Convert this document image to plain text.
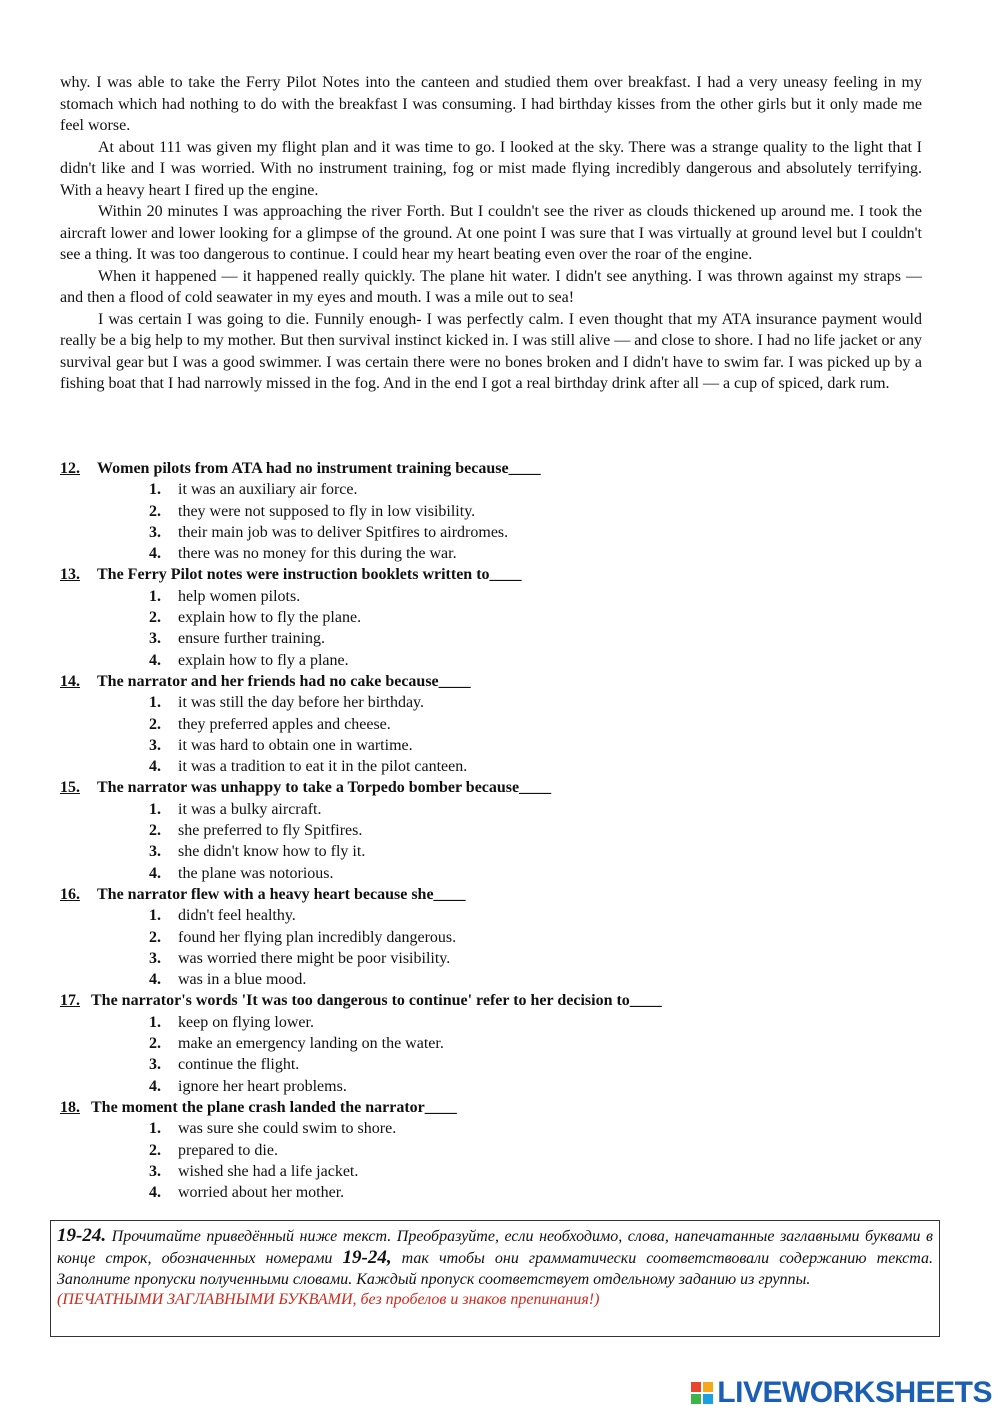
why. I was able to take the Ferry Pilot Notes into the canteen and studied them over breakfast. I had a very uneasy feeling in my stomach which had nothing to do with the breakfast I was consuming. I had birthday kisses from the other girls but it only made me feel worse.

At about 111 was given my flight plan and it was time to go. I looked at the sky. There was a strange quality to the light that I didn't like and I was worried. With no instrument training, fog or mist made flying incredibly dangerous and absolutely terrifying. With a heavy heart I fired up the engine.

Within 20 minutes I was approaching the river Forth. But I couldn't see the river as clouds thickened up around me. I took the aircraft lower and lower looking for a glimpse of the ground. At one point I was sure that I was virtually at ground level but I couldn't see a thing. It was too dangerous to continue. I could hear my heart beating even over the roar of the engine.

When it happened — it happened really quickly. The plane hit water. I didn't see anything. I was thrown against my straps — and then a flood of cold seawater in my eyes and mouth. I was a mile out to sea!

I was certain I was going to die. Funnily enough- I was perfectly calm. I even thought that my ATA insurance payment would really be a big help to my mother. But then survival instinct kicked in. I was still alive — and close to shore. I had no life jacket or any survival gear but I was a good swimmer. I was certain there were no bones broken and I didn't have to swim far. I was picked up by a fishing boat that I had narrowly missed in the fog. And in the end I got a real birthday drink after all — a cup of spiced, dark rum.

12. Women pilots from ATA had no instrument training because____
1. it was an auxiliary air force.
2. they were not supposed to fly in low visibility.
3. their main job was to deliver Spitfires to airdromes.
4. there was no money for this during the war.
13. The Ferry Pilot notes were instruction booklets written to____
1. help women pilots.
2. explain how to fly the plane.
3. ensure further training.
4. explain how to fly a plane.
14. The narrator and her friends had no cake because____
1. it was still the day before her birthday.
2. they preferred apples and cheese.
3. it was hard to obtain one in wartime.
4. it was a tradition to eat it in the pilot canteen.
15. The narrator was unhappy to take a Torpedo bomber because____
1. it was a bulky aircraft.
2. she preferred to fly Spitfires.
3. she didn't know how to fly it.
4. the plane was notorious.
16. The narrator flew with a heavy heart because she____
1. didn't feel healthy.
2. found her flying plan incredibly dangerous.
3. was worried there might be poor visibility.
4. was in a blue mood.
17. The narrator's words 'It was too dangerous to continue' refer to her decision to____
1. keep on flying lower.
2. make an emergency landing on the water.
3. continue the flight.
4. ignore her heart problems.
18. The moment the plane crash landed the narrator____
1. was sure she could swim to shore.
2. prepared to die.
3. wished she had a life jacket.
4. worried about her mother.
19-24. Прочитайте приведённый ниже текст. Преобразуйте, если необходимо, слова, напечатанные заглавными буквами в конце строк, обозначенных номерами 19-24, так чтобы они грамматически соответствовали содержанию текста. Заполните пропуски полученными словами. Каждый пропуск соответствует отдельному заданию из группы.
(ПЕЧАТНЫМИ ЗАГЛАВНЫМИ БУКВАМИ, без пробелов и знаков препинания!)
LIVEWORKSHEETS
